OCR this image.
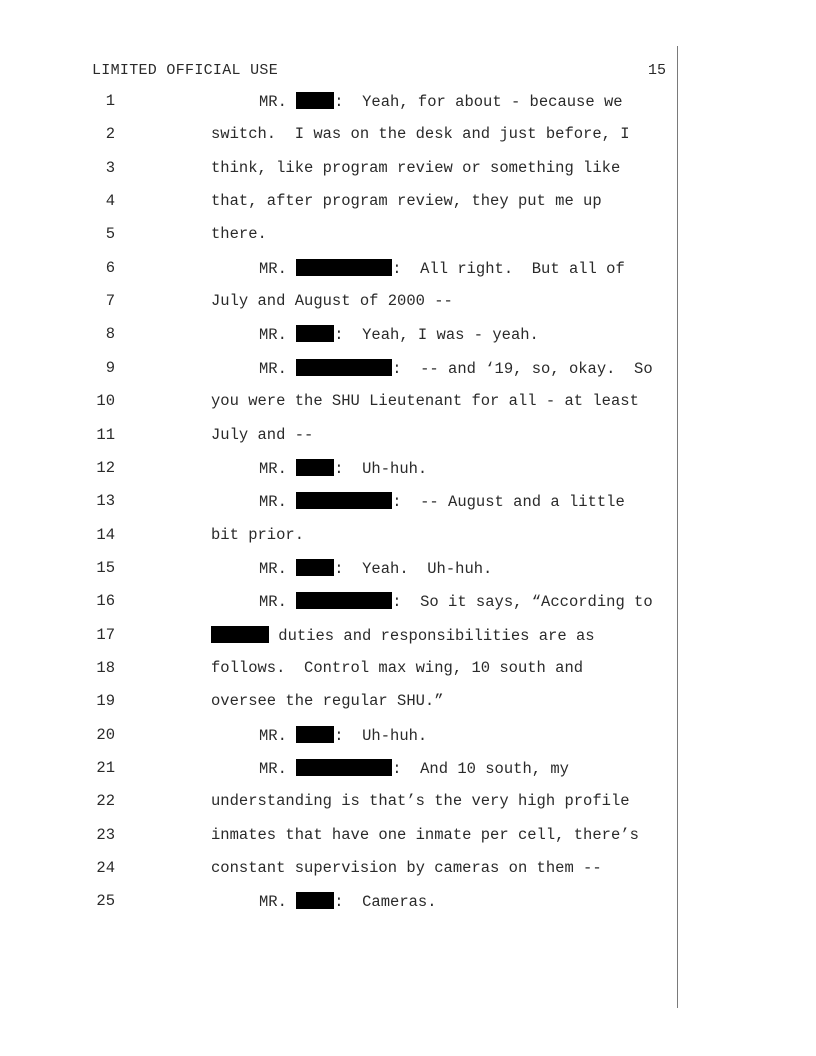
LIMITED OFFICIAL USE	15
1	MR. :  Yeah, for about - because we
2	switch.  I was on the desk and just before, I
3	think, like program review or something like
4	that, after program review, they put me up
5	there.
6	MR.	:  All right.  But all of
7	July and August of 2000 --
8	MR. :  Yeah, I was - yeah.
9	MR.	:  -- and ‘19, so, okay.  So
10	you were the SHU Lieutenant for all - at least
11	July and --
12	MR. :  Uh-huh.
13	MR.	:  -- August and a little
14	bit prior.
15	MR. :  Yeah.  Uh-huh.
16	MR.	:  So it says, “According to
17	duties and responsibilities are as
18	follows.  Control max wing, 10 south and
19	oversee the regular SHU.”
20	MR. :  Uh-huh.
21	MR.	:  And 10 south, my
22	understanding is that’s the very high profile
23	inmates that have one inmate per cell, there’s
24	constant supervision by cameras on them --
25	MR. :  Cameras.
